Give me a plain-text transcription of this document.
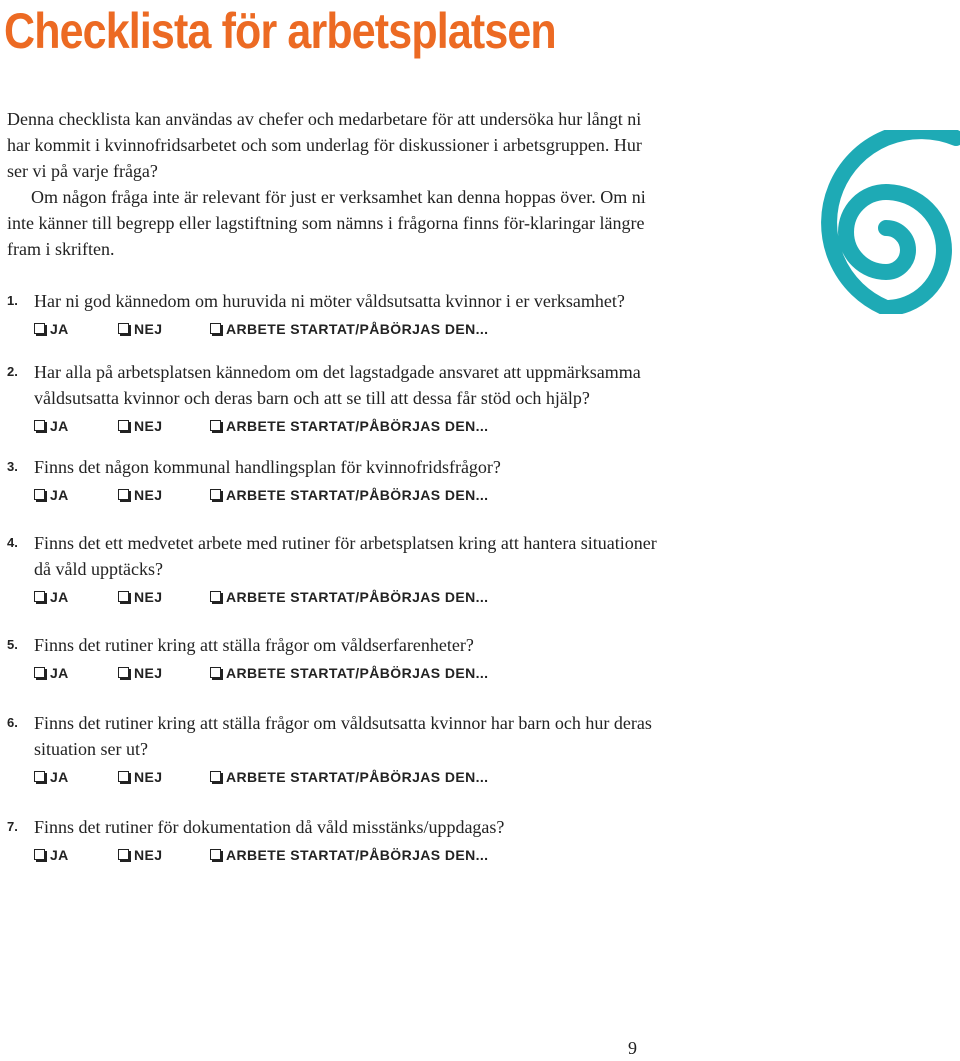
Checklista för arbetsplatsen

Denna checklista kan användas av chefer och medarbetare för att undersöka hur långt ni har kommit i kvinnofridsarbetet och som underlag för diskussioner i arbetsgruppen. Hur ser vi på varje fråga?

Om någon fråga inte är relevant för just er verksamhet kan denna hoppas över. Om ni inte känner till begrepp eller lagstiftning som nämns i frågorna finns för-klaringar längre fram i skriften.

1. Har ni god kännedom om huruvida ni möter våldsutsatta kvinnor i er verksamhet?
JA	NEJ	ARBETE STARTAT/PÅBÖRJAS DEN...
2. Har alla på arbetsplatsen kännedom om det lagstadgade ansvaret att uppmärksamma våldsutsatta kvinnor och deras barn och att se till att dessa får stöd och hjälp?
JA	NEJ	ARBETE STARTAT/PÅBÖRJAS DEN...
3. Finns det någon kommunal handlingsplan för kvinnofridsfrågor?
JA	NEJ	ARBETE STARTAT/PÅBÖRJAS DEN...
4. Finns det ett medvetet arbete med rutiner för arbetsplatsen kring att hantera situationer då våld upptäcks?
JA	NEJ	ARBETE STARTAT/PÅBÖRJAS DEN...
5. Finns det rutiner kring att ställa frågor om våldserfarenheter?
JA	NEJ	ARBETE STARTAT/PÅBÖRJAS DEN...
6. Finns det rutiner kring att ställa frågor om våldsutsatta kvinnor har barn och hur deras situation ser ut?
JA	NEJ	ARBETE STARTAT/PÅBÖRJAS DEN...
7. Finns det rutiner för dokumentation då våld misstänks/uppdagas?
JA	NEJ	ARBETE STARTAT/PÅBÖRJAS DEN...
9
